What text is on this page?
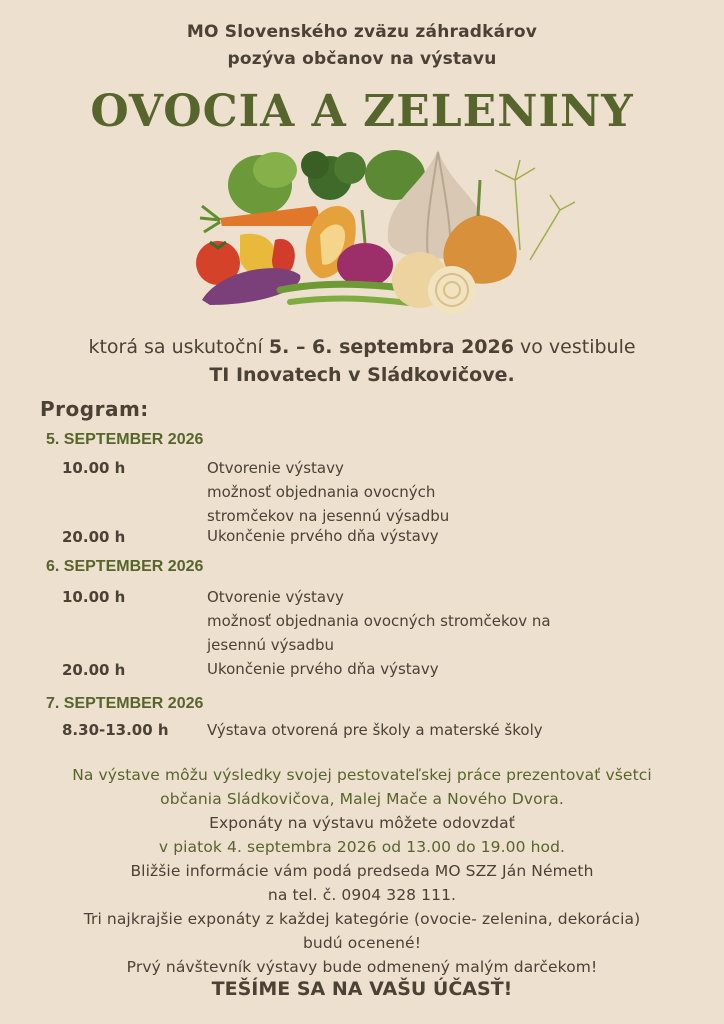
MO Slovenského zväzu záhradkárov
pozýva občanov na výstavu
OVOCIA A ZELENINY
ktorá sa uskutoční 5. – 6. septembra 2026 vo vestibule
TI Inovatech v Sládkovičove.
Program:
5. SEPTEMBER 2026
10.00 h	Otvorenie výstavy
možnosť objednania ovocných
stromčekov na jesennú výsadbu
20.00 h	Ukončenie prvého dňa výstavy
6. SEPTEMBER 2026
10.00 h	Otvorenie výstavy
možnosť objednania ovocných stromčekov na
jesennú výsadbu
20.00 h	Ukončenie prvého dňa výstavy
7. SEPTEMBER 2026
8.30-13.00 h	Výstava otvorená pre školy a materské školy
Na výstave môžu výsledky svojej pestovateľskej práce prezentovať všetci
občania Sládkovičova, Malej Mače a Nového Dvora.
Exponáty na výstavu môžete odovzdať
v piatok 4. septembra 2026 od 13.00 do 19.00 hod.
Bližšie informácie vám podá predseda MO SZZ Ján Németh
na tel. č. 0904 328 111.
Tri najkrajšie exponáty z každej kategórie (ovocie- zelenina, dekorácia)
budú ocenené!
Prvý návštevník výstavy bude odmenený malým darčekom!
TEŠÍME SA NA VAŠU ÚČASŤ!
